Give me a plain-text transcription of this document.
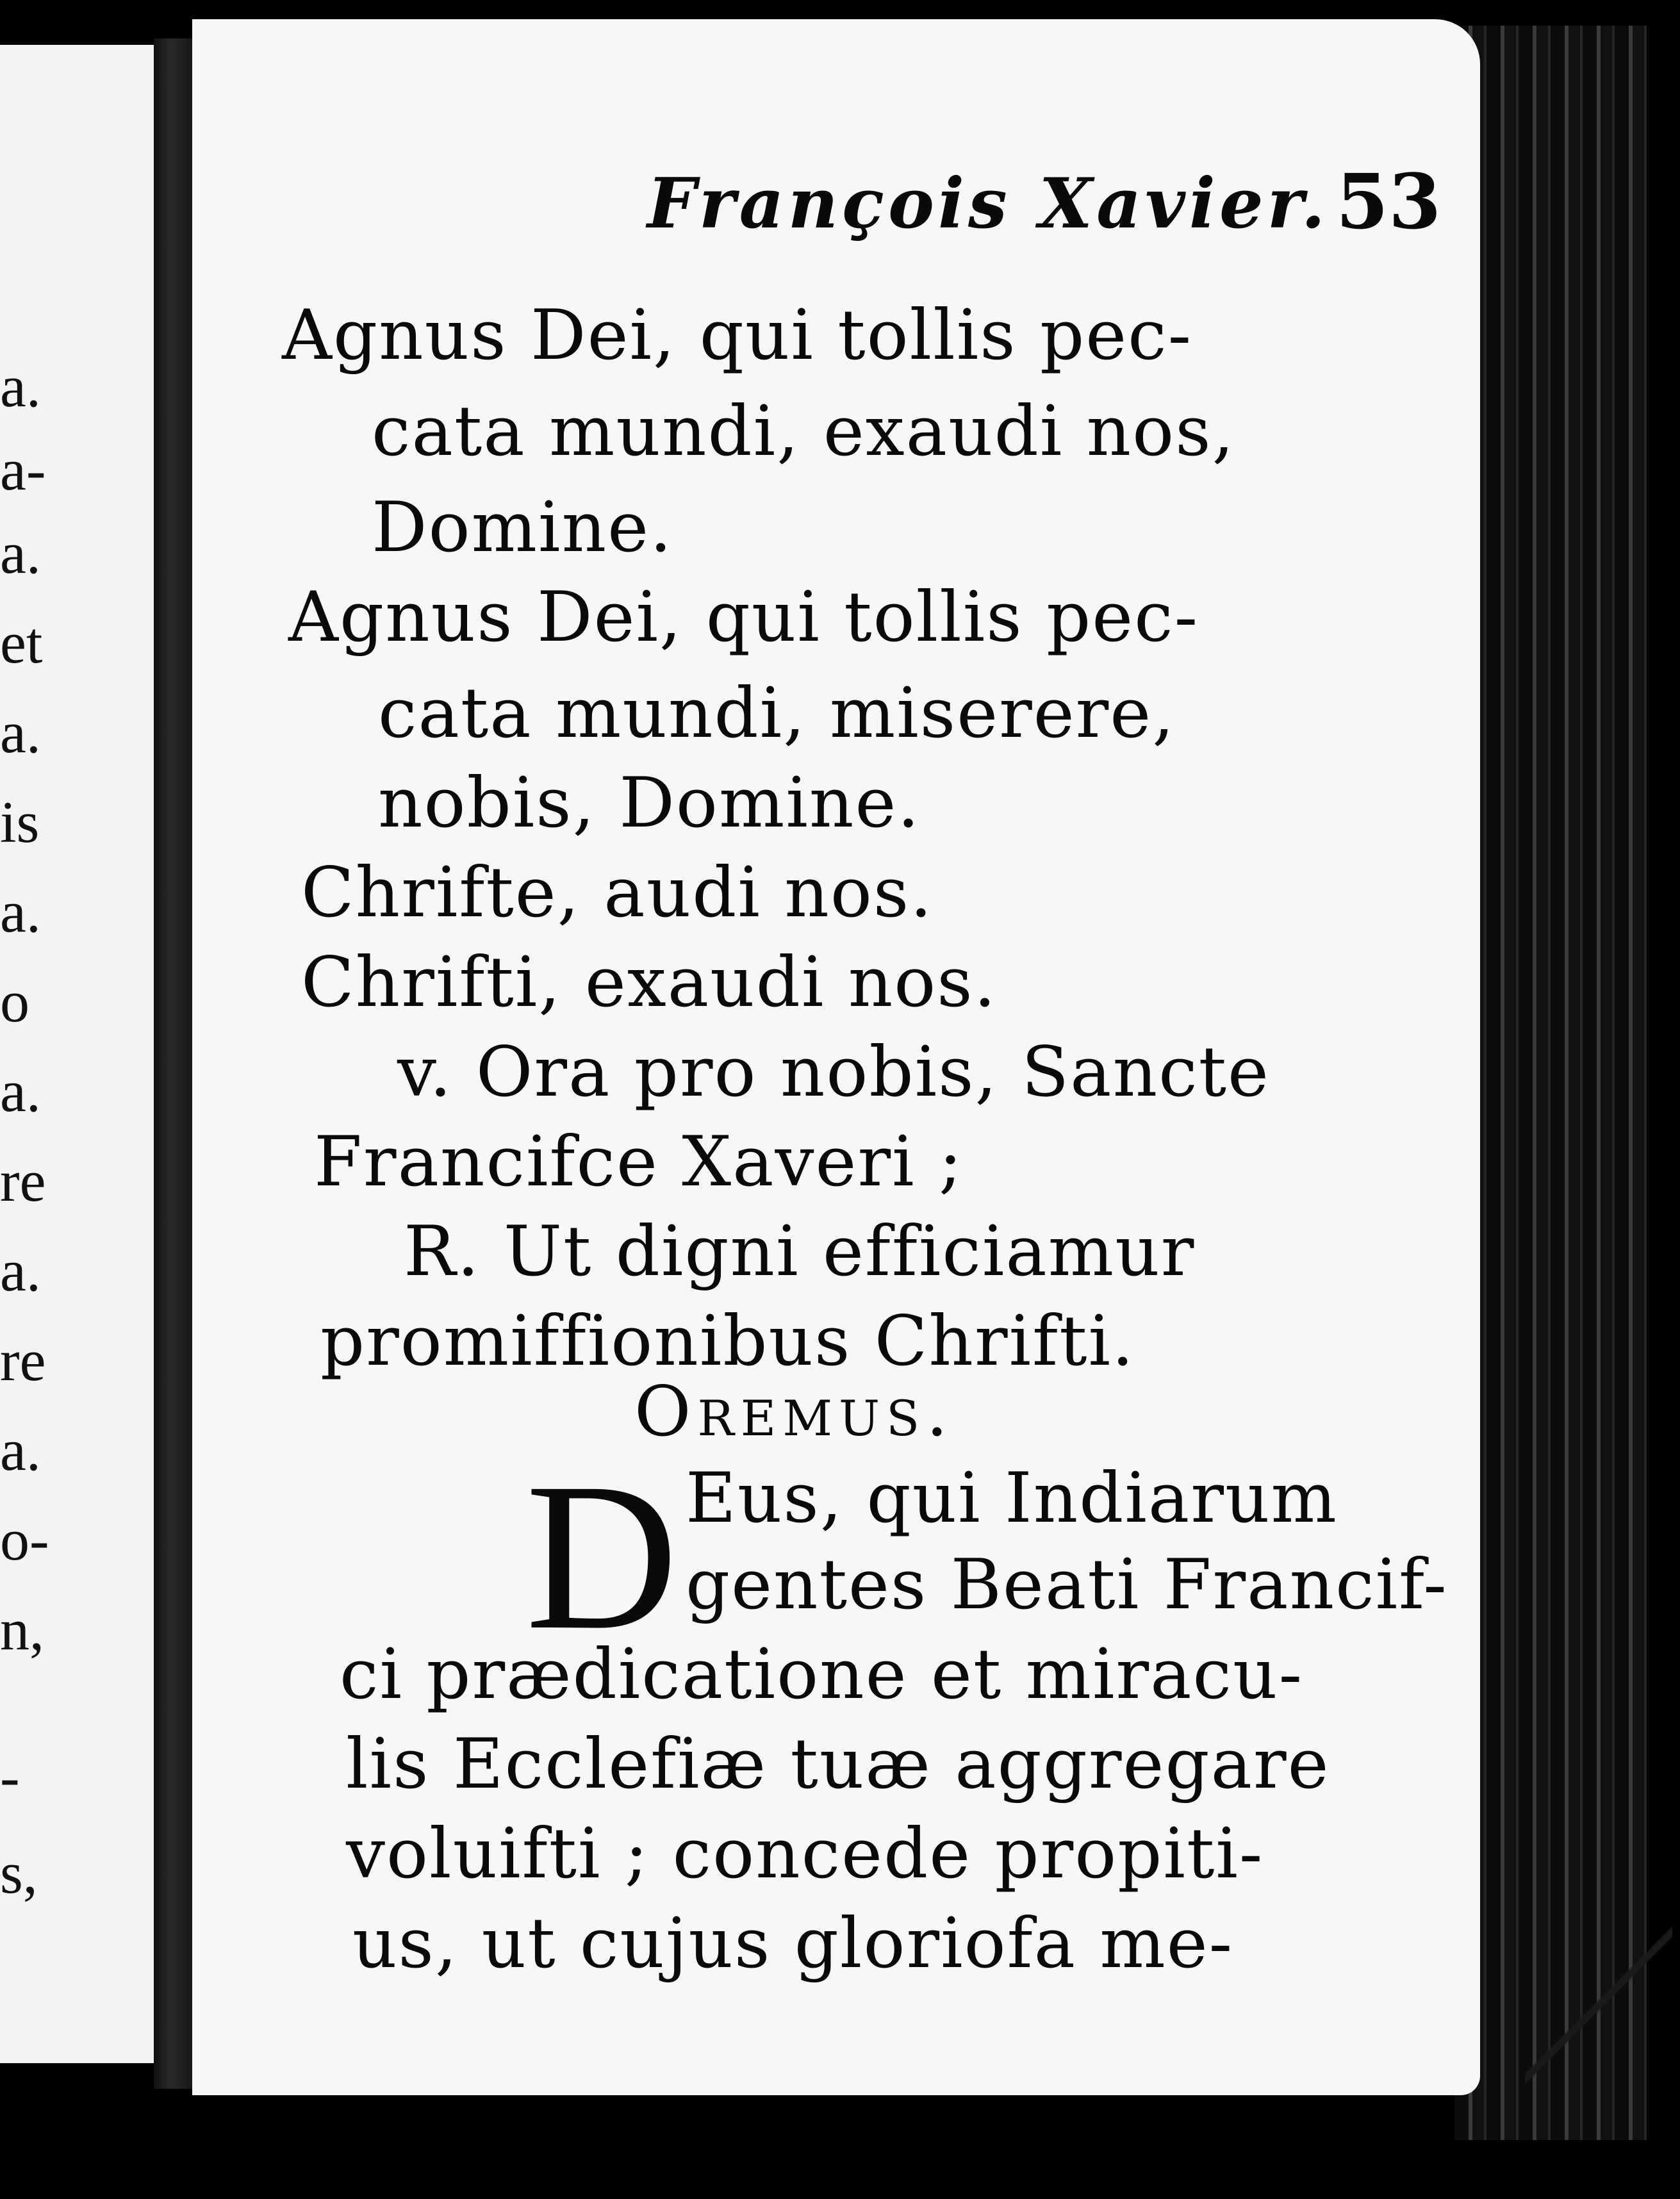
a.
a-
a.
et
a.
is
a.
o
a.
re
a.
re
a.
o-
n,
-
s,
François Xavier. 53
Agnus Dei, qui tollis pec-
cata mundi, exaudi nos,
Domine.
Agnus Dei, qui tollis pec-
cata mundi, miserere,
nobis, Domine.
Chrifte, audi nos.
Chrifti, exaudi nos.
v. Ora pro nobis, Sancte
Francifce Xaveri ;
R. Ut digni efficiamur
promiffionibus Chrifti.
Oremus.
D Eus, qui Indiarum
gentes Beati Francif-
ci prædicatione et miracu-
lis Ecclefiæ tuæ aggregare
voluifti ; concede propiti-
us, ut cujus gloriofa me-
